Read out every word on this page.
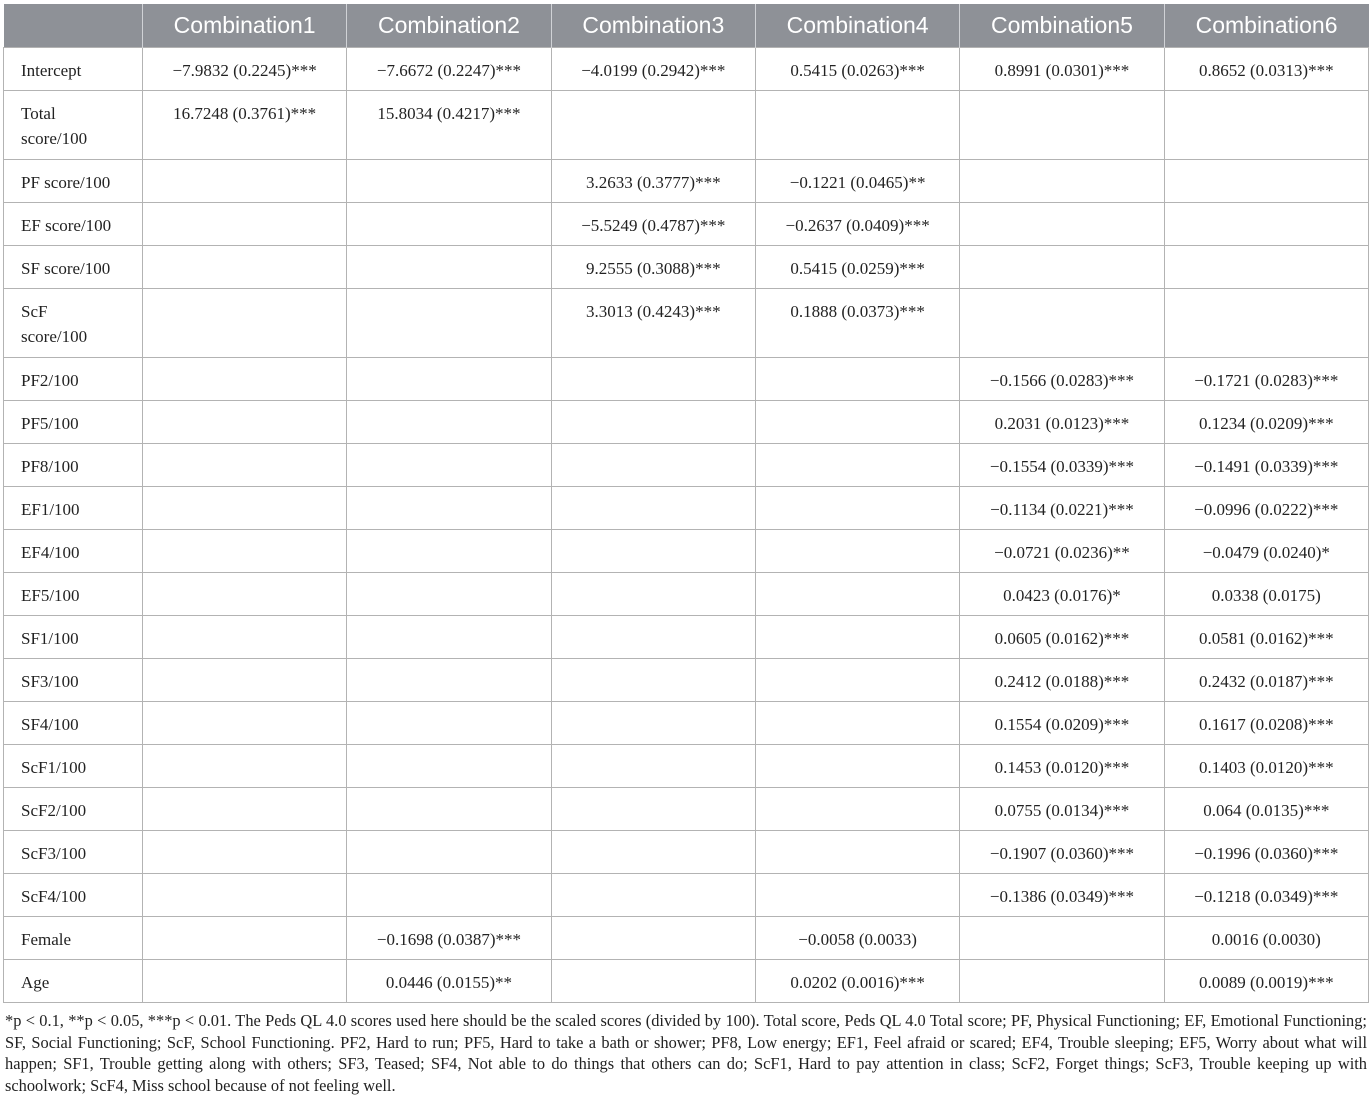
	Combination1	Combination2	Combination3	Combination4	Combination5	Combination6
Intercept	−7.9832 (0.2245)***	−7.6672 (0.2247)***	−4.0199 (0.2942)***	0.5415 (0.0263)***	0.8991 (0.0301)***	0.8652 (0.0313)***
Total score/100	16.7248 (0.3761)***	15.8034 (0.4217)***				
PF score/100			3.2633 (0.3777)***	−0.1221 (0.0465)**		
EF score/100			−5.5249 (0.4787)***	−0.2637 (0.0409)***		
SF score/100			9.2555 (0.3088)***	0.5415 (0.0259)***		
ScF score/100			3.3013 (0.4243)***	0.1888 (0.0373)***		
PF2/100					−0.1566 (0.0283)***	−0.1721 (0.0283)***
PF5/100					0.2031 (0.0123)***	0.1234 (0.0209)***
PF8/100					−0.1554 (0.0339)***	−0.1491 (0.0339)***
EF1/100					−0.1134 (0.0221)***	−0.0996 (0.0222)***
EF4/100					−0.0721 (0.0236)**	−0.0479 (0.0240)*
EF5/100					0.0423 (0.0176)*	0.0338 (0.0175)
SF1/100					0.0605 (0.0162)***	0.0581 (0.0162)***
SF3/100					0.2412 (0.0188)***	0.2432 (0.0187)***
SF4/100					0.1554 (0.0209)***	0.1617 (0.0208)***
ScF1/100					0.1453 (0.0120)***	0.1403 (0.0120)***
ScF2/100					0.0755 (0.0134)***	0.064 (0.0135)***
ScF3/100					−0.1907 (0.0360)***	−0.1996 (0.0360)***
ScF4/100					−0.1386 (0.0349)***	−0.1218 (0.0349)***
Female		−0.1698 (0.0387)***		−0.0058 (0.0033)		0.0016 (0.0030)
Age		0.0446 (0.0155)**		0.0202 (0.0016)***		0.0089 (0.0019)***

*p < 0.1, **p < 0.05, ***p < 0.01. The Peds QL 4.0 scores used here should be the scaled scores (divided by 100). Total score, Peds QL 4.0 Total score; PF, Physical Functioning; EF, Emotional Functioning; SF, Social Functioning; ScF, School Functioning. PF2, Hard to run; PF5, Hard to take a bath or shower; PF8, Low energy; EF1, Feel afraid or scared; EF4, Trouble sleeping; EF5, Worry about what will happen; SF1, Trouble getting along with others; SF3, Teased; SF4, Not able to do things that others can do; ScF1, Hard to pay attention in class; ScF2, Forget things; ScF3, Trouble keeping up with schoolwork; ScF4, Miss school because of not feeling well.
